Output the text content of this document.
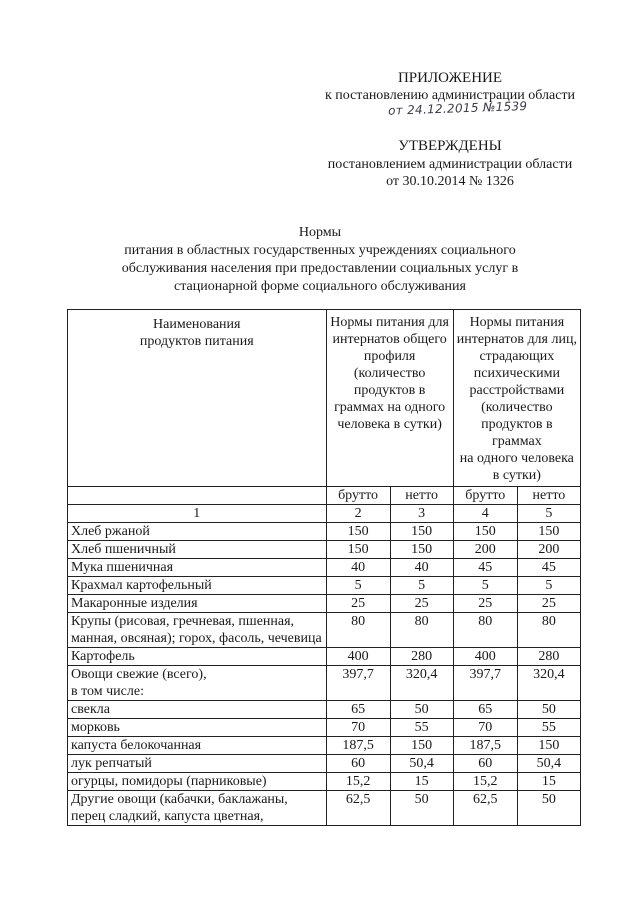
ПРИЛОЖЕНИЕ
к постановлению администрации области
от 24.12.2015 №1539
УТВЕРЖДЕНЫ
постановлением администрации области
от 30.10.2014 № 1326
Нормы
питания в областных государственных учреждениях социального
обслуживания населения при предоставлении социальных услуг в
стационарной форме социального обслуживания
Наименования
продуктов питания	Нормы питания для интернатов общего профиля (количество продуктов в граммах на одного человека в сутки)		Нормы питания интернатов для лиц, страдающих психическими расстройствами (количество продуктов в граммах
на одного человека в сутки)	
	брутто	нетто	брутто	нетто
1	2	3	4	5
Хлеб ржаной	150	150	150	150
Хлеб пшеничный	150	150	200	200
Мука пшеничная	40	40	45	45
Крахмал картофельный	5	5	5	5
Макаронные изделия	25	25	25	25
Крупы (рисовая, гречневая, пшенная, манная, овсяная); горох, фасоль, чечевица	80	80	80	80
Картофель	400	280	400	280
Овощи свежие (всего),
в том числе:	397,7	320,4	397,7	320,4
свекла	65	50	65	50
морковь	70	55	70	55
капуста белокочанная	187,5	150	187,5	150
лук репчатый	60	50,4	60	50,4
огурцы, помидоры (парниковые)	15,2	15	15,2	15
Другие овощи (кабачки, баклажаны, перец сладкий, капуста цветная,	62,5	50	62,5	50
